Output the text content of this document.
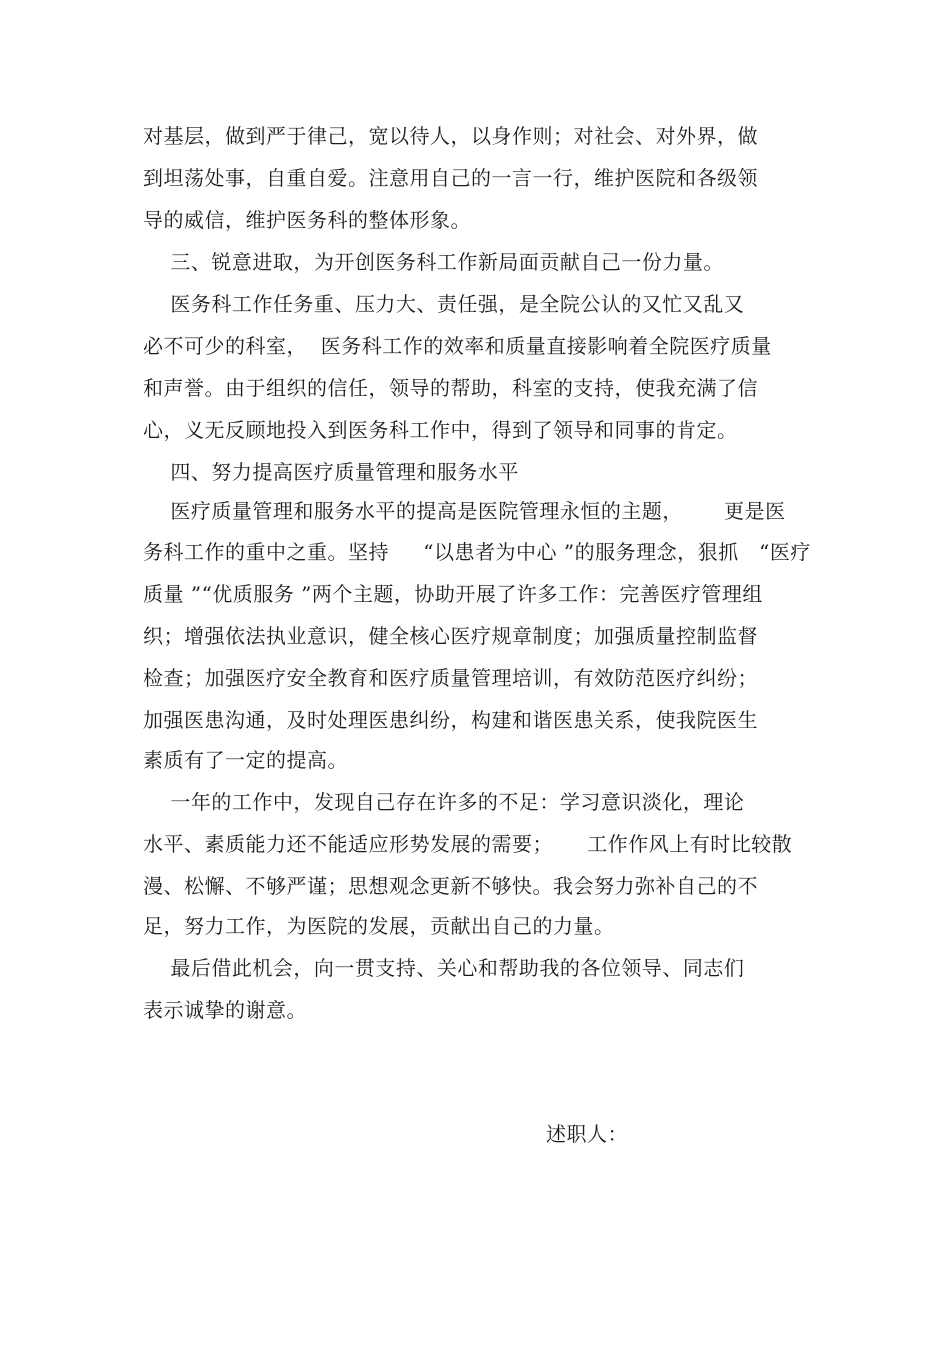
对基层，做到严于律己，宽以待人，以身作则；对社会、对外界，做
到坦荡处事，自重自爱。注意用自己的一言一行，维护医院和各级领
导的威信，维护医务科的整体形象。
三、锐意进取，为开创医务科工作新局面贡献自己一份力量。
医务科工作任务重、压力大、责任强，是全院公认的又忙又乱又
必不可少的科室，  医务科工作的效率和质量直接影响着全院医疗质量
和声誉。由于组织的信任，领导的帮助，科室的支持，使我充满了信
心，义无反顾地投入到医务科工作中，得到了领导和同事的肯定。
四、努力提高医疗质量管理和服务水平
医疗质量管理和服务水平的提高是医院管理永恒的主题，      更是医
务科工作的重中之重。坚持     “以患者为中心 ”的服务理念，狠抓   “医疗
质量 ”“优质服务 ”两个主题，协助开展了许多工作：完善医疗管理组
织；增强依法执业意识，健全核心医疗规章制度；加强质量控制监督
检查；加强医疗安全教育和医疗质量管理培训，有效防范医疗纠纷；
加强医患沟通，及时处理医患纠纷，构建和谐医患关系，使我院医生
素质有了一定的提高。
一年的工作中，发现自己存在许多的不足：学习意识淡化，理论
水平、素质能力还不能适应形势发展的需要；     工作作风上有时比较散
漫、松懈、不够严谨；思想观念更新不够快。我会努力弥补自己的不
足，努力工作，为医院的发展，贡献出自己的力量。
最后借此机会，向一贯支持、关心和帮助我的各位领导、同志们
表示诚挚的谢意。
述职人：
